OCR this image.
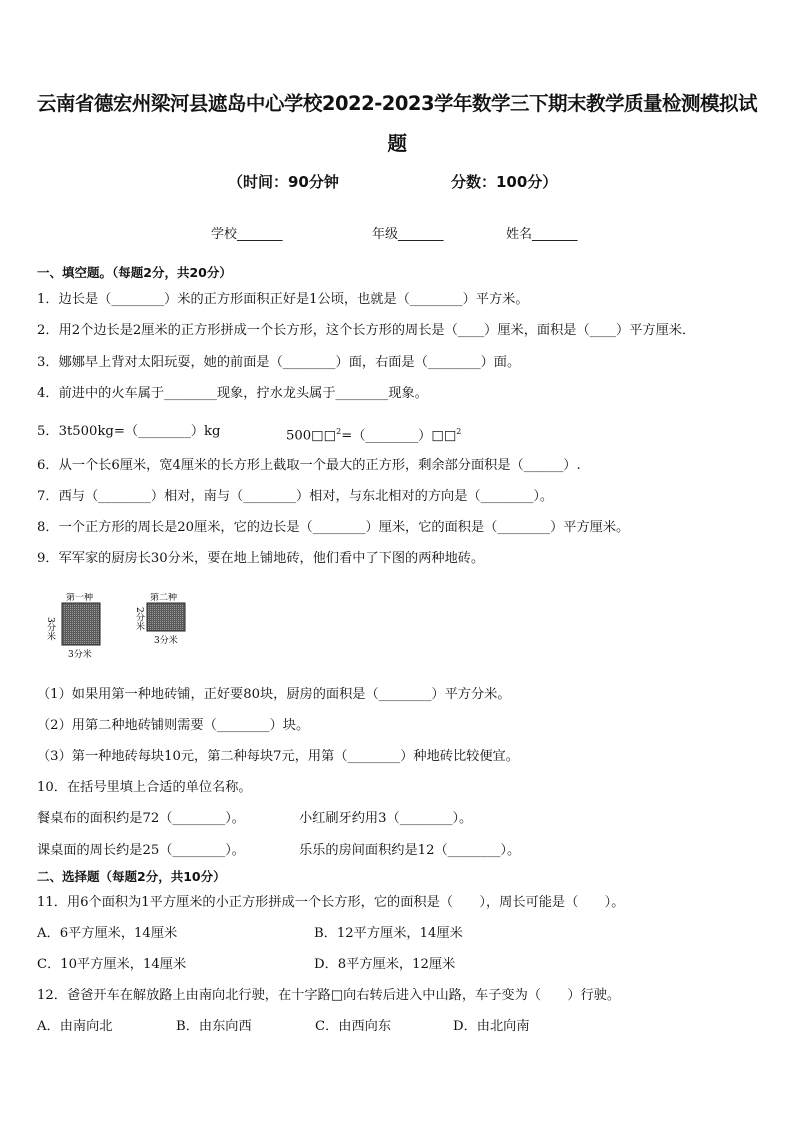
云南省德宏州梁河县遮岛中心学校2022-2023学年数学三下期末教学质量检测模拟试题
（时间：90分钟	分数：100分）
学校_______	年级_______	姓名_______
一、填空题。（每题2分，共20分）
1．边长是（________）米的正方形面积正好是1公顷，也就是（________）平方米。
2．用2个边长是2厘米的正方形拼成一个长方形，这个长方形的周长是（____）厘米，面积是（____）平方厘米．
3．娜娜早上背对太阳玩耍，她的前面是（________）面，右面是（________）面。
4．前进中的火车属于________现象，拧水龙头属于________现象。
5．3t500kg=（________）kg	500□□$^2$=（________）□□$^2$
6．从一个长6厘米，宽4厘米的长方形上截取一个最大的正方形，剩余部分面积是（______）.
7．西与（________）相对，南与（________）相对，与东北相对的方向是（________）。
8．一个正方形的周长是20厘米，它的边长是（________）厘米，它的面积是（________）平方厘米。
9．军军家的厨房长30分米，要在地上铺地砖，他们看中了下图的两种地砖。
第一种
3分米
3分米
第二种
2分米
3分米
（1）如果用第一种地砖铺，正好要80块，厨房的面积是（________）平方分米。
（2）用第二种地砖铺则需要（________）块。
（3）第一种地砖每块10元，第二种每块7元，用第（________）种地砖比较便宜。
10．在括号里填上合适的单位名称。
餐桌布的面积约是72（________）。	小红刷牙约用3（________）。
课桌面的周长约是25（________）。	乐乐的房间面积约是12（________）。
二、选择题（每题2分，共10分）
11．用6个面积为1平方厘米的小正方形拼成一个长方形，它的面积是（　　），周长可能是（　　）。
A．6平方厘米，14厘米	B．12平方厘米，14厘米
C．10平方厘米，14厘米	D．8平方厘米，12厘米
12．爸爸开车在解放路上由南向北行驶，在十字路□向右转后进入中山路，车子变为（　　）行驶。
A．由南向北	B．由东向西	C．由西向东	D．由北向南
